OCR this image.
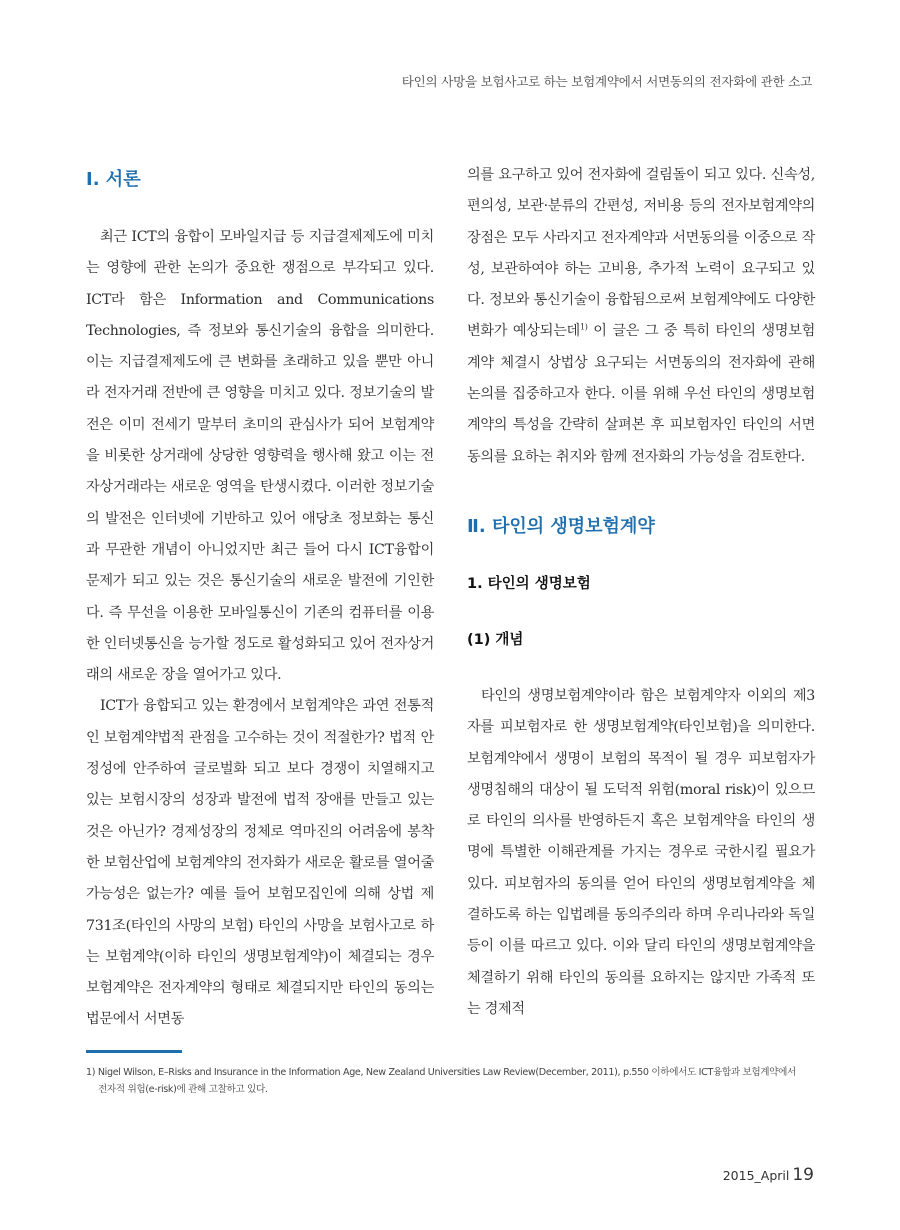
타인의 사망을 보험사고로 하는 보험계약에서 서면동의의 전자화에 관한 소고
Ⅰ. 서론

최근 ICT의 융합이 모바일지급 등 지급결제제도에 미치는 영향에 관한 논의가 중요한 쟁점으로 부각되고 있다. ICT라 함은 Information and Communications Technologies, 즉 정보와 통신기술의 융합을 의미한다. 이는 지급결제제도에 큰 변화를 초래하고 있을 뿐만 아니라 전자거래 전반에 큰 영향을 미치고 있다. 정보기술의 발전은 이미 전세기 말부터 초미의 관심사가 되어 보험계약을 비롯한 상거래에 상당한 영향력을 행사해 왔고 이는 전자상거래라는 새로운 영역을 탄생시켰다. 이러한 정보기술의 발전은 인터넷에 기반하고 있어 애당초 정보화는 통신과 무관한 개념이 아니었지만 최근 들어 다시 ICT융합이 문제가 되고 있는 것은 통신기술의 새로운 발전에 기인한다. 즉 무선을 이용한 모바일통신이 기존의 컴퓨터를 이용한 인터넷통신을 능가할 정도로 활성화되고 있어 전자상거래의 새로운 장을 열어가고 있다.

ICT가 융합되고 있는 환경에서 보험계약은 과연 전통적인 보험계약법적 관점을 고수하는 것이 적절한가? 법적 안정성에 안주하여 글로벌화 되고 보다 경쟁이 치열해지고 있는 보험시장의 성장과 발전에 법적 장애를 만들고 있는 것은 아닌가? 경제성장의 정체로 역마진의 어려움에 봉착한 보험산업에 보험계약의 전자화가 새로운 활로를 열어줄 가능성은 없는가? 예를 들어 보험모집인에 의해 상법 제731조(타인의 사망의 보험) 타인의 사망을 보험사고로 하는 보험계약(이하 타인의 생명보험계약)이 체결되는 경우 보험계약은 전자계약의 형태로 체결되지만 타인의 동의는 법문에서 서면동

의를 요구하고 있어 전자화에 걸림돌이 되고 있다. 신속성, 편의성, 보관·분류의 간편성, 저비용 등의 전자보험계약의 장점은 모두 사라지고 전자계약과 서면동의를 이중으로 작성, 보관하여야 하는 고비용, 추가적 노력이 요구되고 있다. 정보와 통신기술이 융합됨으로써 보험계약에도 다양한 변화가 예상되는데$^{1)}$ 이 글은 그 중 특히 타인의 생명보험계약 체결시 상법상 요구되는 서면동의의 전자화에 관해 논의를 집중하고자 한다. 이를 위해 우선 타인의 생명보험계약의 특성을 간략히 살펴본 후 피보험자인 타인의 서면동의를 요하는 취지와 함께 전자화의 가능성을 검토한다.

Ⅱ. 타인의 생명보험계약
1. 타인의 생명보험
(1) 개념

타인의 생명보험계약이라 함은 보험계약자 이외의 제3자를 피보험자로 한 생명보험계약(타인보험)을 의미한다. 보험계약에서 생명이 보험의 목적이 될 경우 피보험자가 생명침해의 대상이 될 도덕적 위험(moral risk)이 있으므로 타인의 의사를 반영하든지 혹은 보험계약을 타인의 생명에 특별한 이해관계를 가지는 경우로 국한시킬 필요가 있다. 피보험자의 동의를 얻어 타인의 생명보험계약을 체결하도록 하는 입법례를 동의주의라 하며 우리나라와 독일 등이 이를 따르고 있다. 이와 달리 타인의 생명보험계약을 체결하기 위해 타인의 동의를 요하지는 않지만 가족적 또는 경제적

1) Nigel Wilson, E–Risks and Insurance in the Information Age, New Zealand Universities Law Review(December, 2011), p.550 이하에서도 ICT융합과 보험계약에서
전자적 위험(e-risk)에 관해 고찰하고 있다.
2015_April 19
